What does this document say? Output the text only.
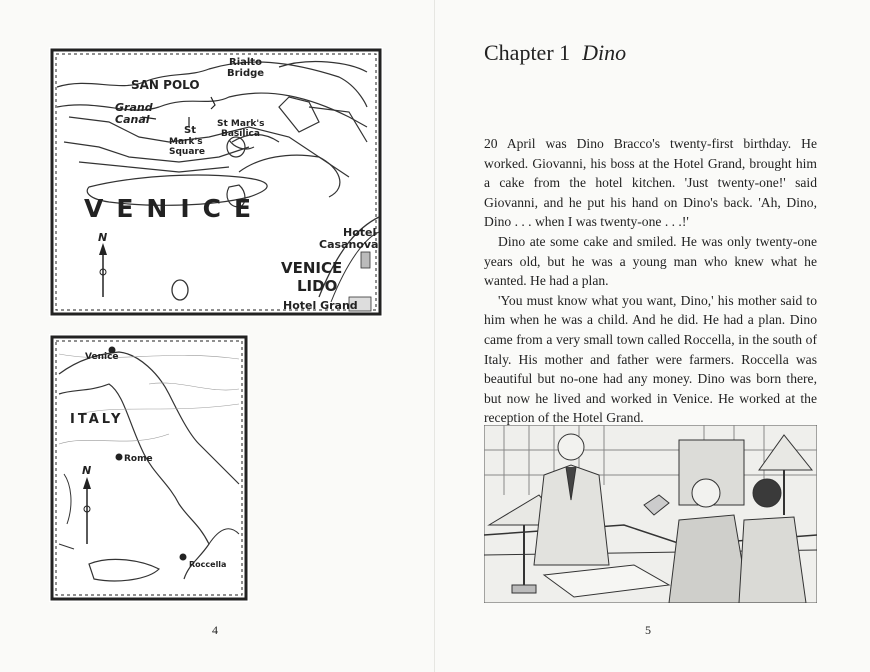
Rialto
Bridge
SAN POLO
Grand
Canal
St
St Mark's
Basilica
Mark's
Square
VENICE
N	Hotel
Casanova
VENICE
LIDO
Hotel Grand
Venice
ITALY
Rome
N
Roccella
4
Chapter 1 Dino

20 April was Dino Bracco's twenty-first birthday. He worked. Giovanni, his boss at the Hotel Grand, brought him a cake from the hotel kitchen. 'Just twenty-one!' said Giovanni, and he put his hand on Dino's back. 'Ah, Dino, Dino . . . when I was twenty-one . . .!'

Dino ate some cake and smiled. He was only twenty-one years old, but he was a young man who knew what he wanted. He had a plan.

'You must know what you want, Dino,' his mother said to him when he was a child. And he did. He had a plan. Dino came from a very small town called Roccella, in the south of Italy. His mother and father were farmers. Roccella was beautiful but no-one had any money. Dino was born there, but now he lived and worked in Venice. He worked at the reception of the Hotel Grand.

5
